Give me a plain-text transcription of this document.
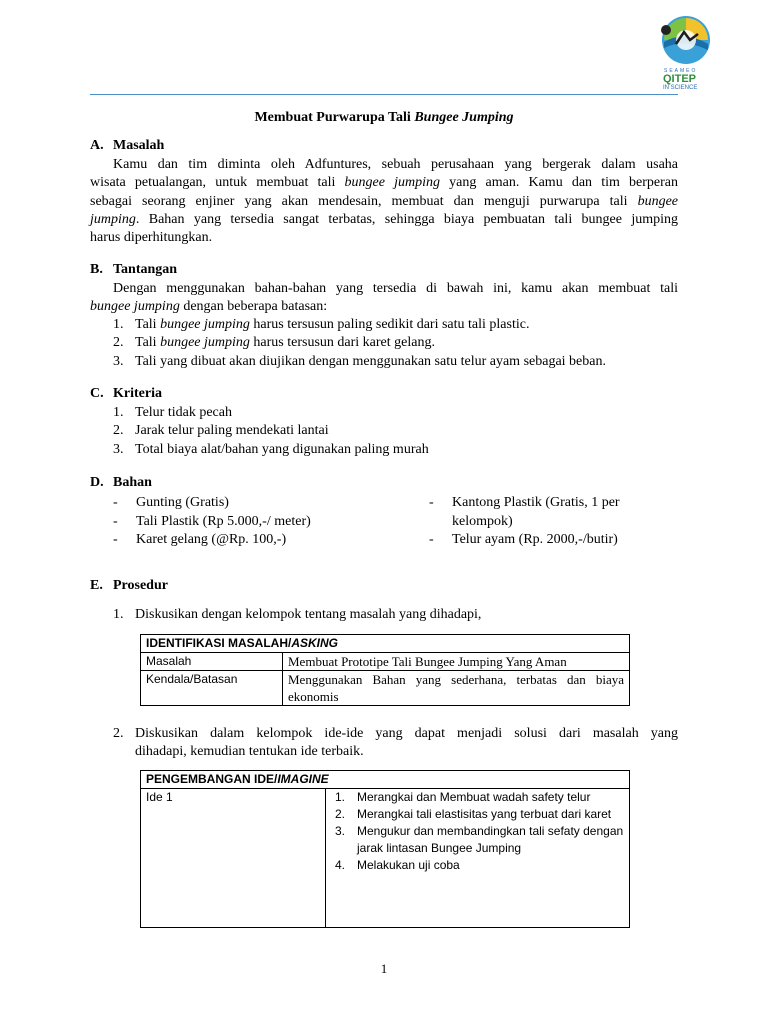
SEAMEO
QITEP
IN SCIENCE
Membuat Purwarupa Tali Bungee Jumping
A. Masalah
Kamu dan tim diminta oleh Adfuntures, sebuah perusahaan yang bergerak dalam usaha
wisata petualangan, untuk membuat tali bungee jumping yang aman. Kamu dan tim berperan
sebagai seorang enjiner yang akan mendesain, membuat dan menguji purwarupa tali bungee
jumping. Bahan yang tersedia sangat terbatas, sehingga biaya pembuatan tali bungee jumping
harus diperhitungkan.
B. Tantangan
Dengan menggunakan bahan-bahan yang tersedia di bawah ini, kamu akan membuat tali
bungee jumping dengan beberapa batasan:
1. Tali bungee jumping harus tersusun paling sedikit dari satu tali plastic.
2. Tali bungee jumping harus tersusun dari karet gelang.
3. Tali yang dibuat akan diujikan dengan menggunakan satu telur ayam sebagai beban.
C. Kriteria
1. Telur tidak pecah
2. Jarak telur paling mendekati lantai
3. Total biaya alat/bahan yang digunakan paling murah
D. Bahan
- Gunting (Gratis)
- Tali Plastik (Rp 5.000,-/ meter)
- Karet gelang (@Rp. 100,-)
- Kantong Plastik (Gratis, 1 per
kelompok)
- Telur ayam (Rp. 2000,-/butir)
E. Prosedur
1. Diskusikan dengan kelompok tentang masalah yang dihadapi,
IDENTIFIKASI MASALAH/ASKING	
Masalah	Membuat Prototipe Tali Bungee Jumping Yang Aman
Kendala/Batasan	Menggunakan Bahan yang sederhana, terbatas dan biaya ekonomis
2. Diskusikan dalam kelompok ide-ide yang dapat menjadi solusi dari masalah yang
dihadapi, kemudian tentukan ide terbaik.
PENGEMBANGAN IDE/IMAGINE
Ide 1	1. Merangkai dan Membuat wadah safety telur
2. Merangkai tali elastisitas yang terbuat dari karet
3. Mengukur dan membandingkan tali sefaty dengan jarak lintasan Bungee Jumping
4. Melakukan uji coba
1
